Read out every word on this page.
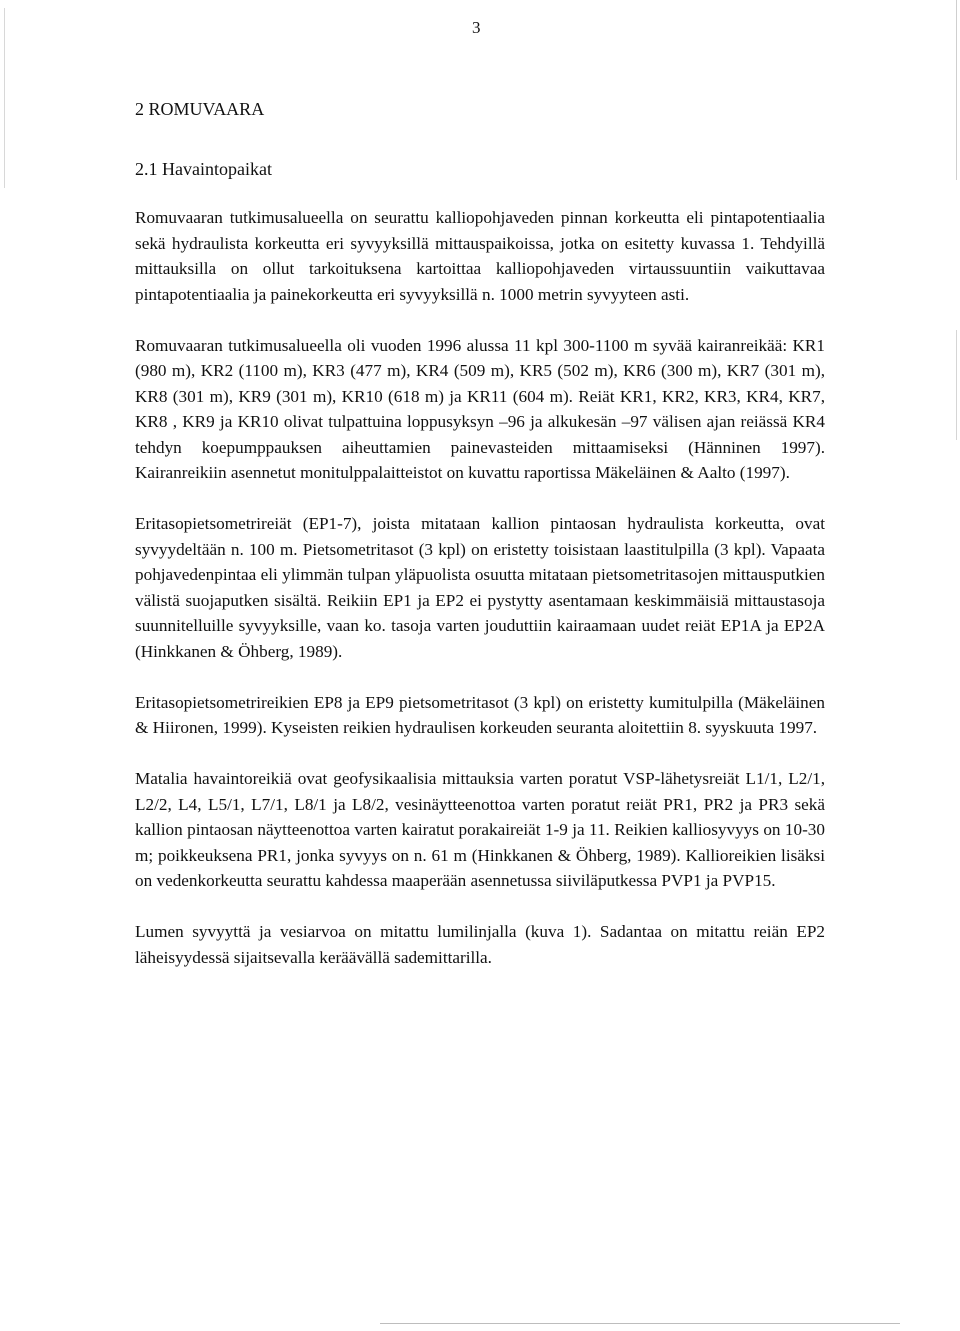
3
2 ROMUVAARA
2.1 Havaintopaikat

Romuvaaran tutkimusalueella on seurattu kalliopohjaveden pinnan korkeutta eli pintapotentiaalia sekä hydraulista korkeutta eri syvyyksillä mittauspaikoissa, jotka on esitetty kuvassa 1. Tehdyillä mittauksilla on ollut tarkoituksena kartoittaa kalliopohjaveden virtaussuuntiin vaikuttavaa pintapotentiaalia ja painekorkeutta eri syvyyksillä n. 1000 metrin syvyyteen asti.

Romuvaaran tutkimusalueella oli vuoden 1996 alussa 11 kpl 300-1100 m syvää kairanreikää: KR1 (980 m), KR2 (1100 m), KR3 (477 m), KR4 (509 m), KR5 (502 m), KR6 (300 m), KR7 (301 m), KR8 (301 m), KR9 (301 m), KR10 (618 m) ja KR11 (604 m). Reiät KR1, KR2, KR3, KR4, KR7, KR8 , KR9 ja KR10 olivat tulpattuina loppusyksyn –96 ja alkukesän –97 välisen ajan reiässä KR4 tehdyn koepumppauksen aiheuttamien painevasteiden mittaamiseksi (Hänninen 1997). Kairanreikiin asennetut monitulppalaitteistot on kuvattu raportissa Mäkeläinen & Aalto (1997).

Eritasopietsometrireiät (EP1-7), joista mitataan kallion pintaosan hydraulista korkeutta, ovat syvyydeltään n. 100 m. Pietsometritasot (3 kpl) on eristetty toisistaan laastitulpilla (3 kpl). Vapaata pohjavedenpintaa eli ylimmän tulpan yläpuolista osuutta mitataan pietsometritasojen mittausputkien välistä suojaputken sisältä. Reikiin EP1 ja EP2 ei pystytty asentamaan keskimmäisiä mittaustasoja suunnitelluille syvyyksille, vaan ko. tasoja varten jouduttiin kairaamaan uudet reiät EP1A ja EP2A (Hinkkanen & Öhberg, 1989).

Eritasopietsometrireikien EP8 ja EP9 pietsometritasot (3 kpl) on eristetty kumitulpilla (Mäkeläinen & Hiironen, 1999). Kyseisten reikien hydraulisen korkeuden seuranta aloitettiin 8. syyskuuta 1997.

Matalia havaintoreikiä ovat geofysikaalisia mittauksia varten poratut VSP-lähetysreiät L1/1, L2/1, L2/2, L4, L5/1, L7/1, L8/1 ja L8/2, vesinäytteenottoa varten poratut reiät PR1, PR2 ja PR3 sekä kallion pintaosan näytteenottoa varten kairatut porakaireiät 1-9 ja 11. Reikien kalliosyvyys on 10-30 m; poikkeuksena PR1, jonka syvyys on n. 61 m (Hinkkanen & Öhberg, 1989). Kallioreikien lisäksi on vedenkorkeutta seurattu kahdessa maaperään asennetussa siiviläputkessa PVP1 ja PVP15.

Lumen syvyyttä ja vesiarvoa on mitattu lumilinjalla (kuva 1). Sadantaa on mitattu reiän EP2 läheisyydessä sijaitsevalla keräävällä sademittarilla.
